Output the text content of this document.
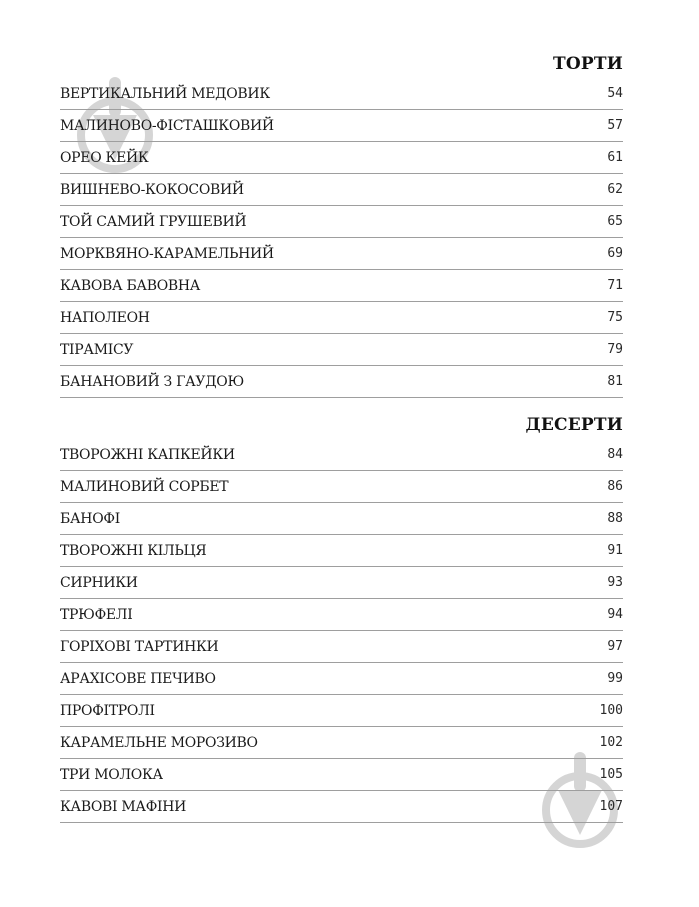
ТОРТИ
ВЕРТИКАЛЬНИЙ МЕДОВИК	54
МАЛИНОВО-ФІСТАШКОВИЙ	57
ОРЕО КЕЙК	61
ВИШНЕВО-КОКОСОВИЙ	62
ТОЙ САМИЙ ГРУШЕВИЙ	65
МОРКВЯНО-КАРАМЕЛЬНИЙ	69
КАВОВА БАВОВНА	71
НАПОЛЕОН	75
ТІРАМІСУ	79
БАНАНОВИЙ З ГАУДОЮ	81
ДЕСЕРТИ
ТВОРОЖНІ КАПКЕЙКИ	84
МАЛИНОВИЙ СОРБЕТ	86
БАНОФІ	88
ТВОРОЖНІ КІЛЬЦЯ	91
СИРНИКИ	93
ТРЮФЕЛІ	94
ГОРІХОВІ ТАРТИНКИ	97
АРАХІСОВЕ ПЕЧИВО	99
ПРОФІТРОЛІ	100
КАРАМЕЛЬНЕ МОРОЗИВО	102
ТРИ МОЛОКА	105
КАВОВІ МАФІНИ	107
